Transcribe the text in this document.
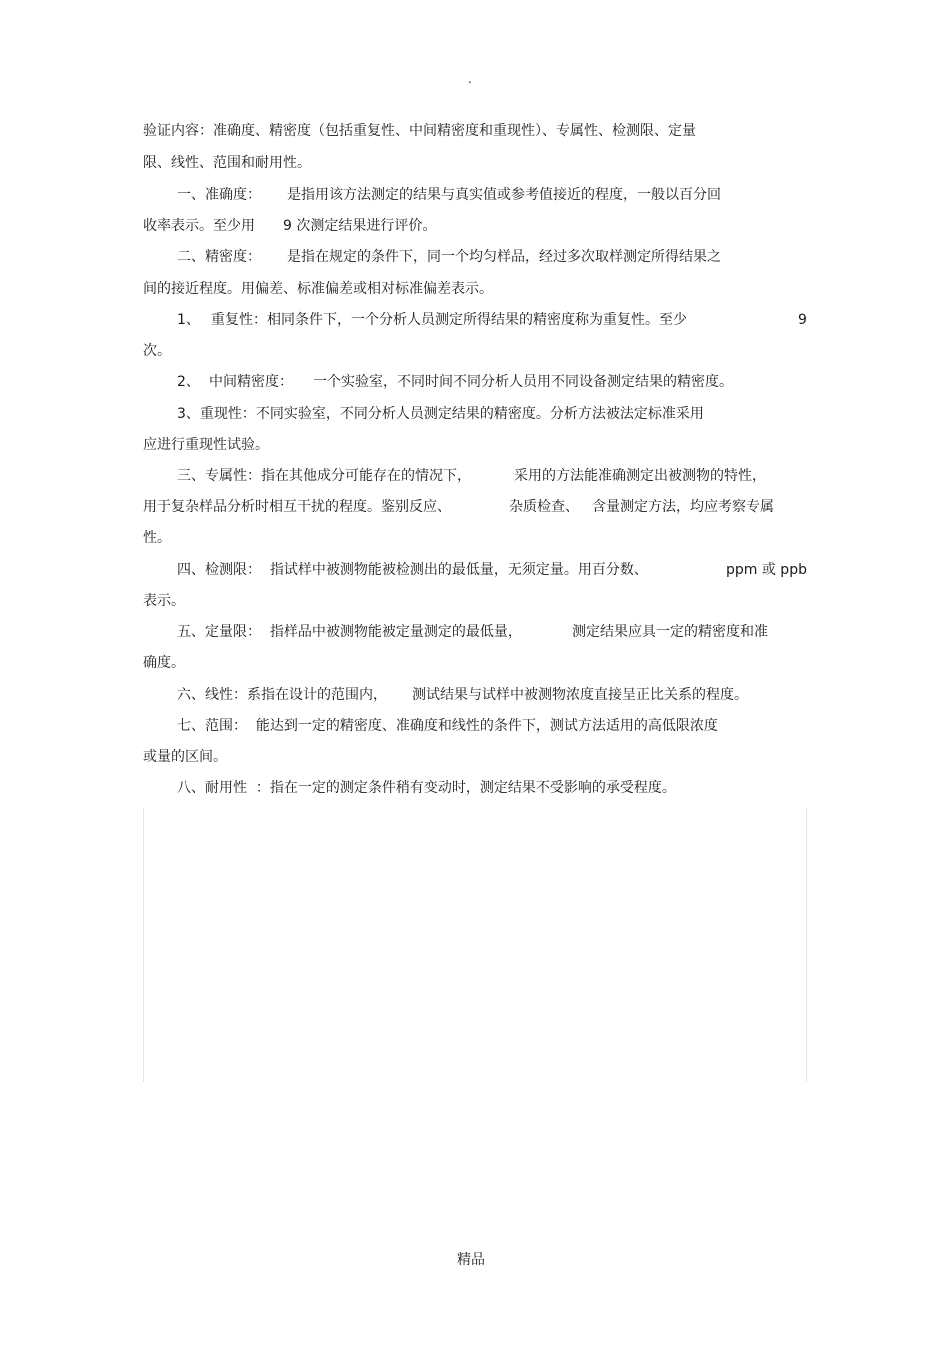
.
验证内容：准确度、精密度（包括重复性、中间精密度和重现性）、专属性、检测限、定量
限、线性、范围和耐用性。
一、准确度： 是指用该方法测定的结果与真实值或参考值接近的程度，一般以百分回
收率表示。至少用 9 次测定结果进行评价。
二、精密度： 是指在规定的条件下，同一个均匀样品，经过多次取样测定所得结果之
间的接近程度。用偏差、标准偏差或相对标准偏差表示。
1、 重复性：相同条件下，一个分析人员测定所得结果的精密度称为重复性。至少	9
次。
2、 中间精密度： 一个实验室，不同时间不同分析人员用不同设备测定结果的精密度。
3、重现性：不同实验室，不同分析人员测定结果的精密度。分析方法被法定标准采用
应进行重现性试验。
三、专属性：指在其他成分可能存在的情况下，	采用的方法能准确测定出被测物的特性，
用于复杂样品分析时相互干扰的程度。鉴别反应、	杂质检查、 含量测定方法，均应考察专属
性。
四、检测限：  指试样中被测物能被检测出的最低量，无须定量。用百分数、	ppm 或 ppb
表示。
五、定量限：  指样品中被测物能被定量测定的最低量，	测定结果应具一定的精密度和准
确度。
六、线性：系指在设计的范围内， 测试结果与试样中被测物浓度直接呈正比关系的程度。
七、范围：  能达到一定的精密度、准确度和线性的条件下，测试方法适用的高低限浓度
或量的区间。
八、耐用性  ：指在一定的测定条件稍有变动时，测定结果不受影响的承受程度。
精品
